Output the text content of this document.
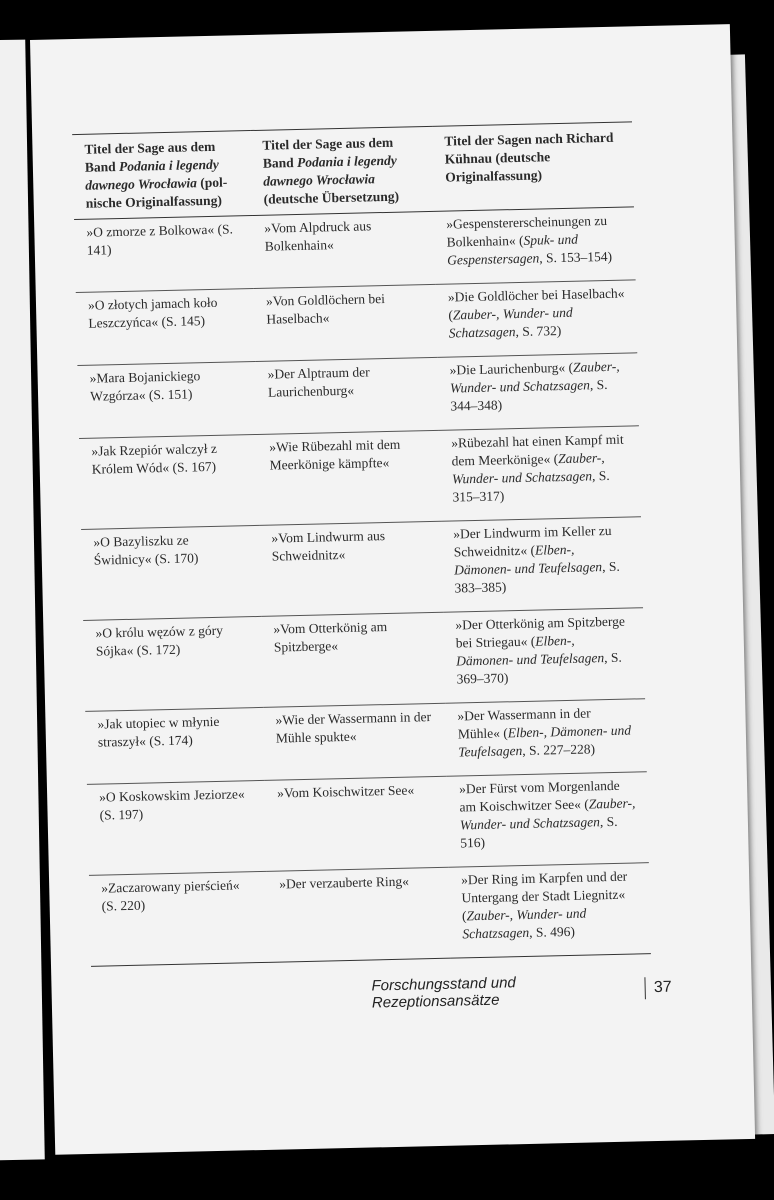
Titel der Sage aus dem Band Podania i legendy dawnego Wrocławia (pol- nische Originalfassung)	Titel der Sage aus dem Band Podania i legendy dawnego Wrocławia (deutsche Übersetzung)	Titel der Sagen nach Richard Kühnau (deutsche Originalfassung)
»O zmorze z Bolkowa« (S. 141)	»Vom Alpdruck aus Bolkenhain«	»Gespenstererscheinungen zu Bolkenhain« (Spuk- und Gespenstersagen, S. 153–154)
»O złotych jamach koło Leszczyńca« (S. 145)	»Von Goldlöchern bei Haselbach«	»Die Goldlöcher bei Haselbach« (Zauber-, Wunder- und Schatzsagen, S. 732)
»Mara Bojanickiego Wzgórza« (S. 151)	»Der Alptraum der Laurichenburg«	»Die Laurichenburg« (Zauber-, Wunder- und Schatzsagen, S. 344–348)
»Jak Rzepiór walczył z Królem Wód« (S. 167)	»Wie Rübezahl mit dem Meerkönige kämpfte«	»Rübezahl hat einen Kampf mit dem Meerkönige« (Zauber-, Wunder- und Schatzsagen, S. 315–317)
»O Bazyliszku ze Świdnicy« (S. 170)	»Vom Lindwurm aus Schweidnitz«	»Der Lindwurm im Keller zu Schweidnitz« (Elben-, Dämonen- und Teufelsagen, S. 383–385)
»O królu węzów z góry Sójka« (S. 172)	»Vom Otterkönig am Spitzberge«	»Der Otterkönig am Spitzberge bei Striegau« (Elben-, Dämonen- und Teufelsagen, S. 369–370)
»Jak utopiec w młynie straszył« (S. 174)	»Wie der Wassermann in der Mühle spukte«	»Der Wassermann in der Mühle« (Elben-, Dämonen- und Teufelsagen, S. 227–228)
»O Koskowskim Jeziorze« (S. 197)	»Vom Koischwitzer See«	»Der Fürst vom Morgenlande am Koischwitzer See« (Zauber-, Wunder- und Schatzsagen, S. 516)
»Zaczarowany pierścień« (S. 220)	»Der verzauberte Ring«	»Der Ring im Karpfen und der Untergang der Stadt Liegnitz« (Zauber-, Wunder- und Schatzsagen, S. 496)
Forschungsstand und Rezeptionsansätze
37
